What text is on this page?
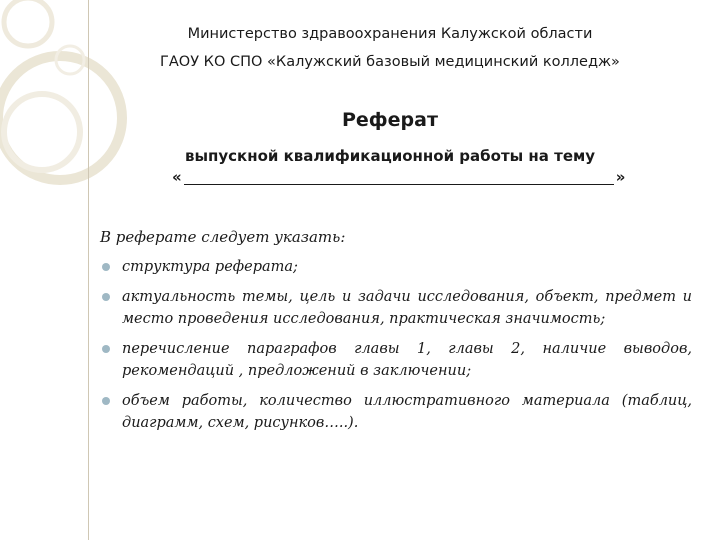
Министерство здравоохранения Калужской области
ГАОУ КО СПО «Калужский базовый медицинский колледж»
Реферат
выпускной квалификационной работы на тему
«	»
В реферате следует указать:
структура реферата;
актуальность темы, цель и задачи исследования, объект, предмет и место проведения исследования, практическая значимость;
перечисление параграфов главы 1, главы 2, наличие выводов, рекомендаций , предложений в заключении;
объем работы, количество иллюстративного материала (таблиц, диаграмм, схем, рисунков…..).
